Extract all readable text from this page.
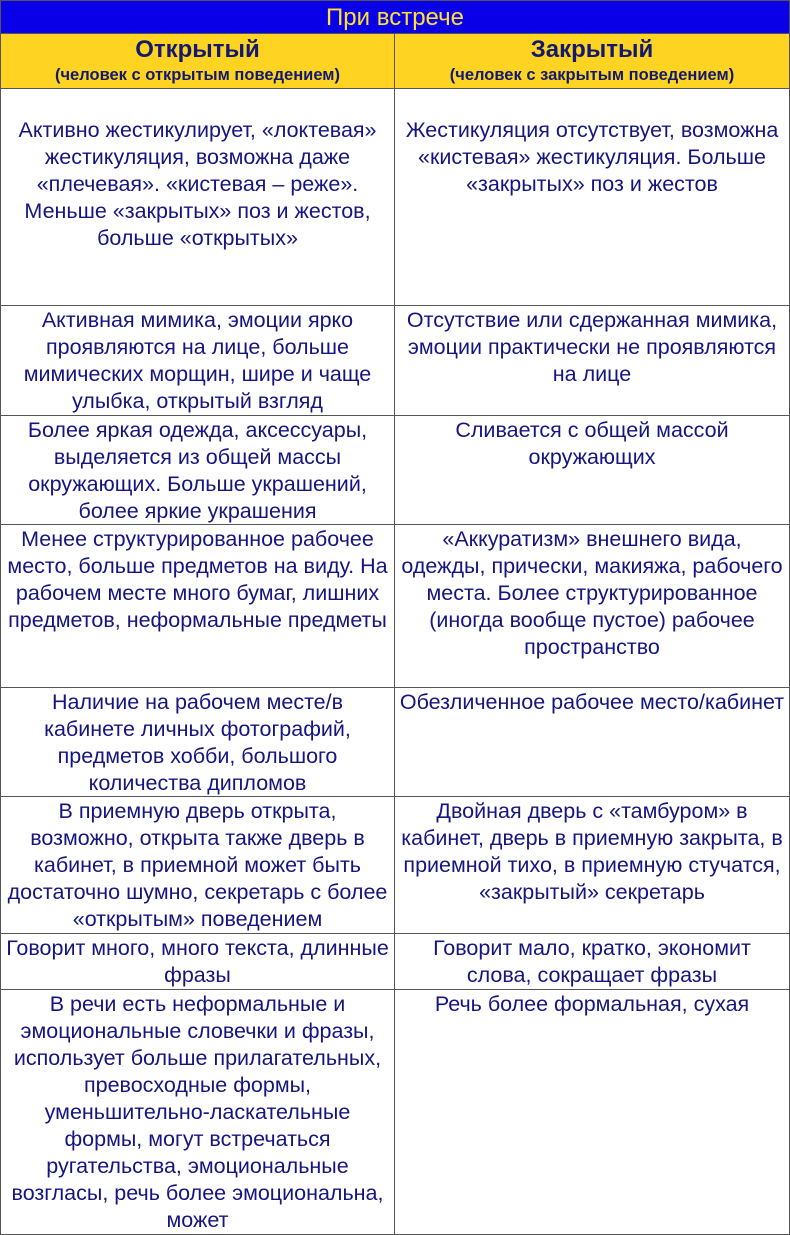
При встрече
Открытый
(человек с открытым поведением)
Закрытый
(человек с закрытым поведением)
Активно жестикулирует, «локтевая» жестикуляция, возможна даже «плечевая». «кистевая – реже». Меньше «закрытых» поз и жестов, больше «открытых»
Жестикуляция отсутствует, возможна «кистевая» жестикуляция. Больше «закрытых» поз и жестов
Активная мимика, эмоции ярко проявляются на лице, больше мимических морщин, шире и чаще улыбка, открытый взгляд
Отсутствие или сдержанная мимика, эмоции практически не проявляются на лице
Более яркая одежда, аксессуары, выделяется из общей массы окружающих. Больше украшений, более яркие украшения
Сливается с общей массой окружающих
Менее структурированное рабочее место, больше предметов на виду. На рабочем месте много бумаг, лишних предметов, неформальные предметы
«Аккуратизм» внешнего вида, одежды, прически, макияжа, рабочего места. Более структурированное (иногда вообще пустое) рабочее пространство
Наличие на рабочем месте/в кабинете личных фотографий, предметов хобби, большого количества дипломов
Обезличенное рабочее место/кабинет
В приемную дверь открыта, возможно, открыта также дверь в кабинет, в приемной может быть достаточно шумно, секретарь с более «открытым» поведением
Двойная дверь с «тамбуром» в кабинет, дверь в приемную закрыта, в приемной тихо, в приемную стучатся, «закрытый» секретарь
Говорит много, много текста, длинные фразы
Говорит мало, кратко, экономит слова, сокращает фразы
В речи есть неформальные и эмоциональные словечки и фразы, использует больше прилагательных, превосходные формы, уменьшительно-ласкательные формы, могут встречаться ругательства, эмоциональные возгласы, речь более эмоциональна, может
Речь более формальная, сухая
